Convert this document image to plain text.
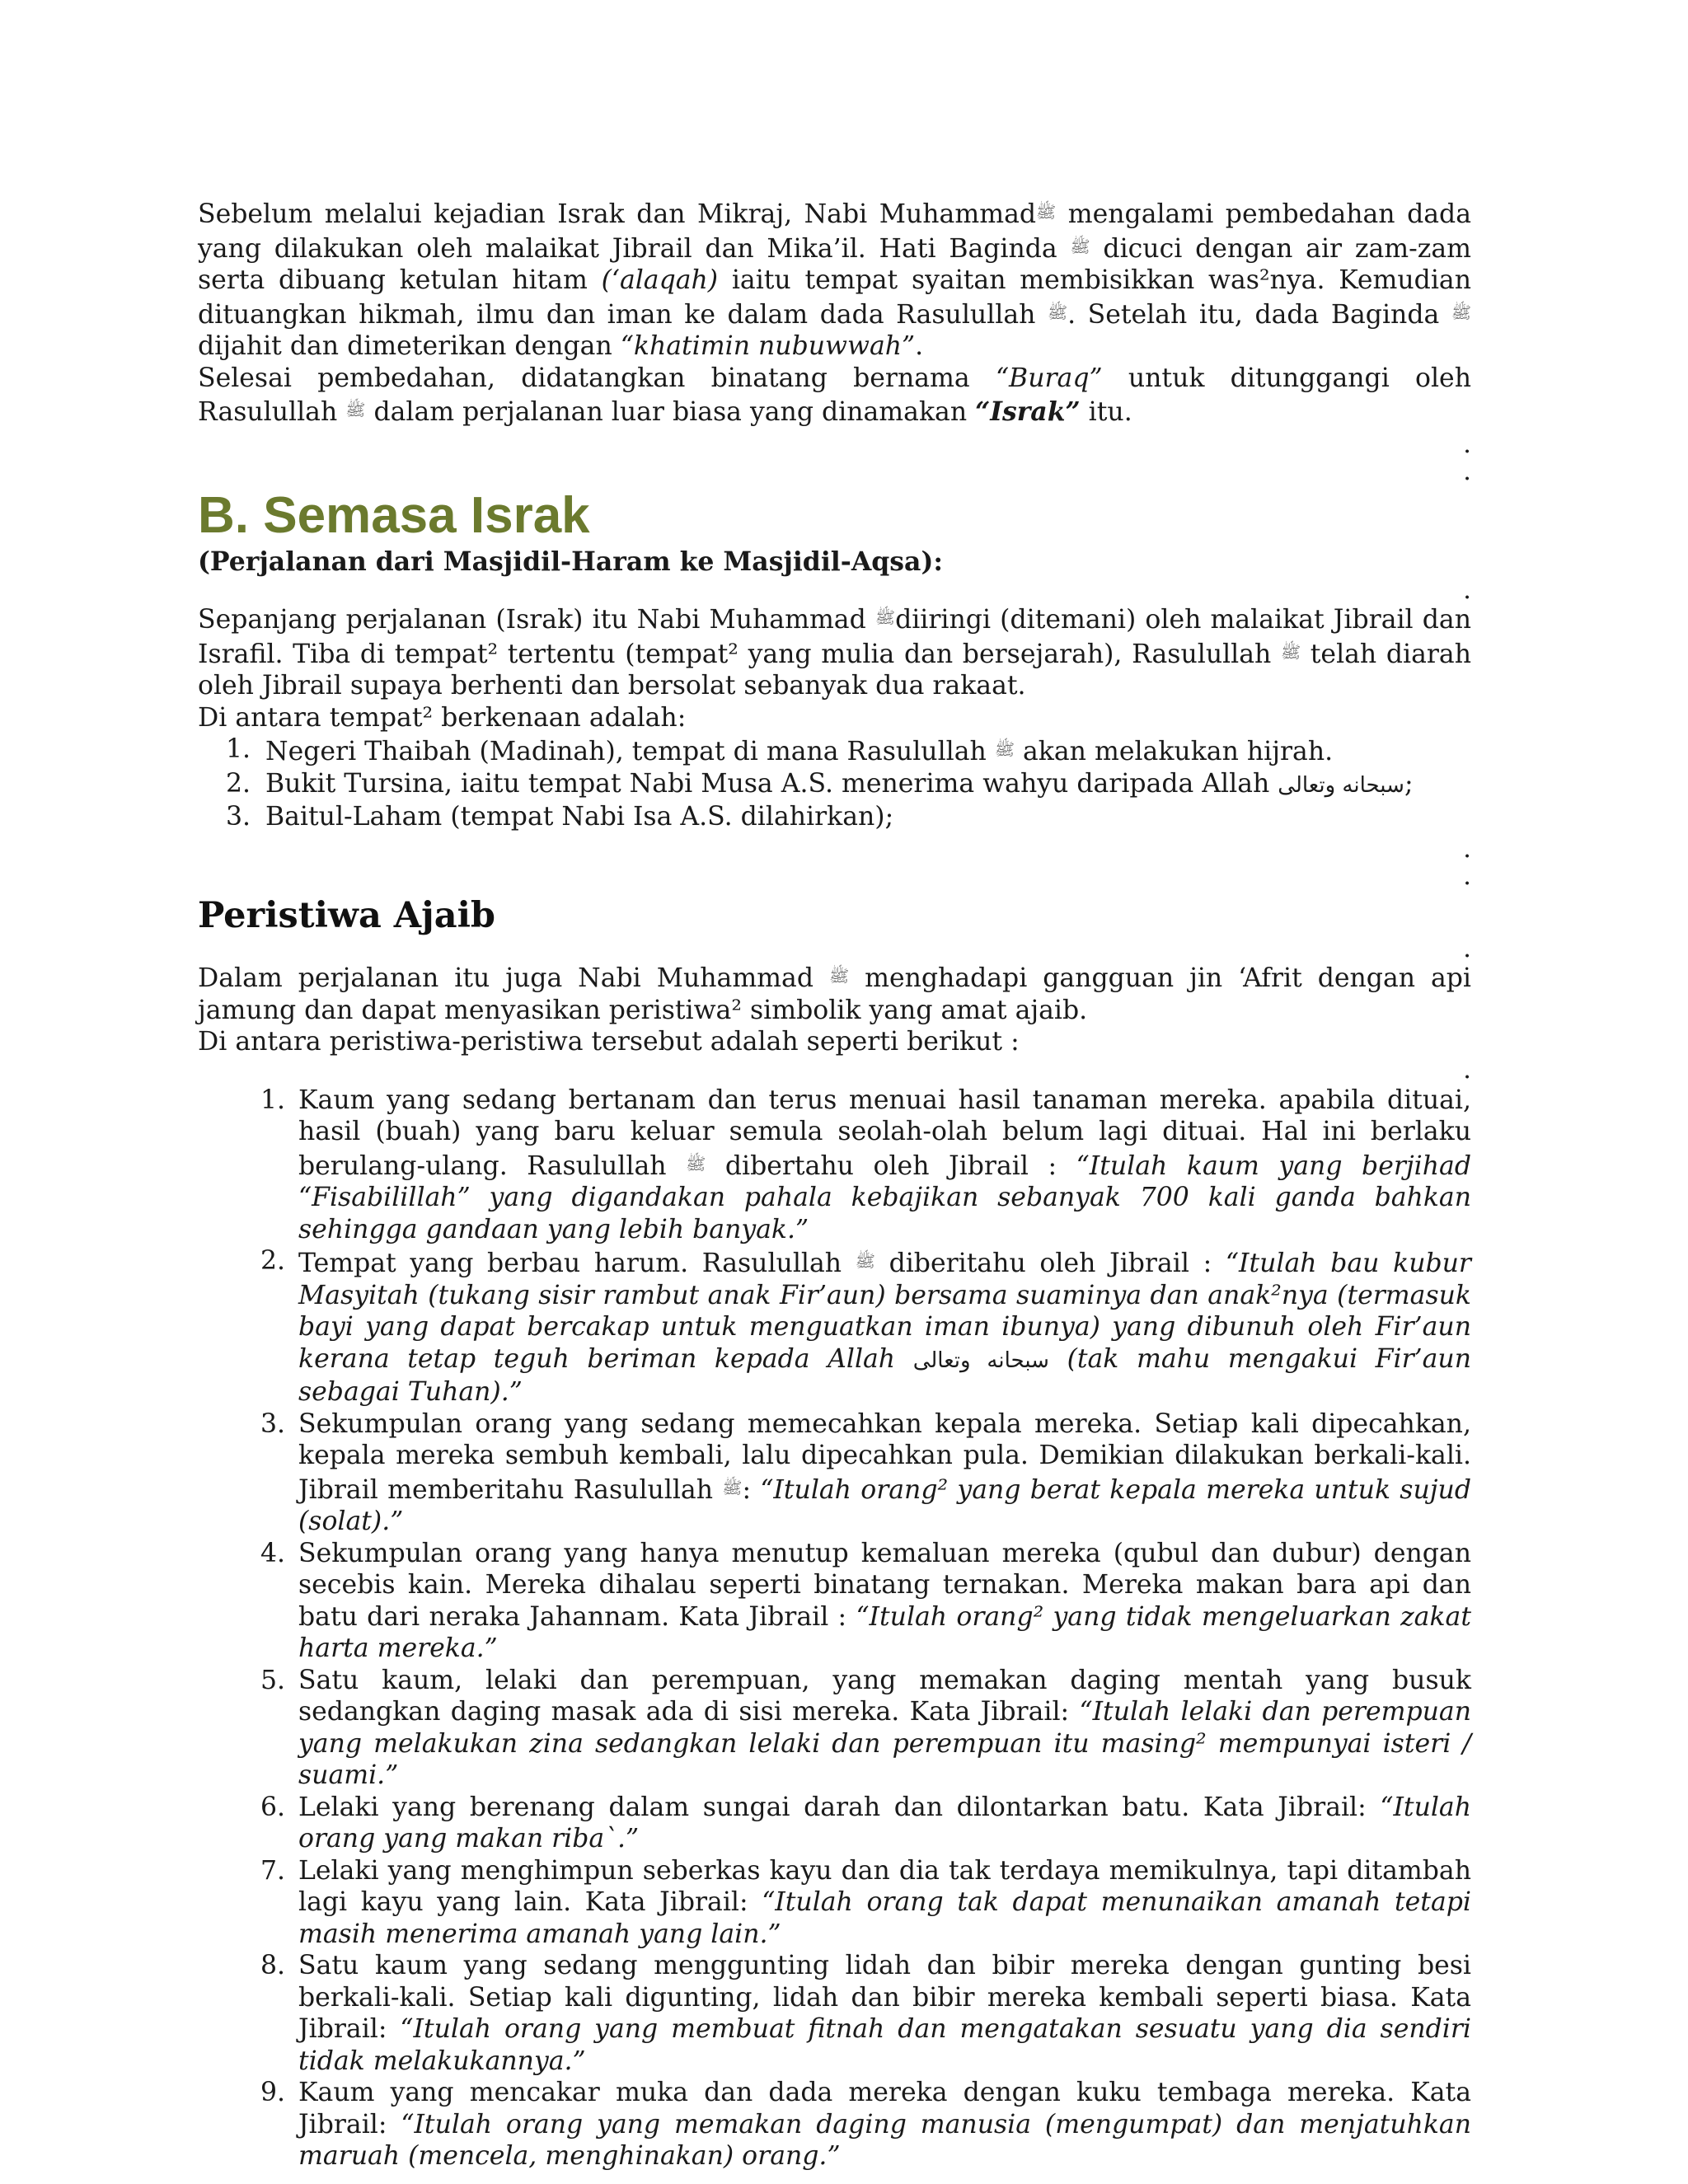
Sebelum melalui kejadian Israk dan Mikraj, Nabi Muhammadﷺ mengalami pembedahan dada yang dilakukan oleh malaikat Jibrail dan Mika’il. Hati Baginda ﷺ dicuci dengan air zam-zam serta dibuang ketulan hitam (‘alaqah) iaitu tempat syaitan membisikkan was²nya. Kemudian dituangkan hikmah, ilmu dan iman ke dalam dada Rasulullah ﷺ. Setelah itu, dada Baginda ﷺ dijahit dan dimeterikan dengan “khatimin nubuwwah”.

Selesai pembedahan, didatangkan binatang bernama “Buraq” untuk ditunggangi oleh Rasulullah ﷺ dalam perjalanan luar biasa yang dinamakan “Israk” itu.

.
.
B. Semasa Israk

(Perjalanan dari Masjidil-Haram ke Masjidil-Aqsa):

.

Sepanjang perjalanan (Israk) itu Nabi Muhammad ﷺdiiringi (ditemani) oleh malaikat Jibrail dan Israfil. Tiba di tempat² tertentu (tempat² yang mulia dan bersejarah), Rasulullah ﷺ telah diarah oleh Jibrail supaya berhenti dan bersolat sebanyak dua rakaat.

Di antara tempat² berkenaan adalah:

1. Negeri Thaibah (Madinah), tempat di mana Rasulullah ﷺ akan melakukan hijrah.
2. Bukit Tursina, iaitu tempat Nabi Musa A.S. menerima wahyu daripada Allah سبحانه وتعالى;
3. Baitul-Laham (tempat Nabi Isa A.S. dilahirkan);
.
.
Peristiwa Ajaib
.

Dalam perjalanan itu juga Nabi Muhammad ﷺ menghadapi gangguan jin ‘Afrit dengan api jamung dan dapat menyasikan peristiwa² simbolik yang amat ajaib.

Di antara peristiwa-peristiwa tersebut adalah seperti berikut :

.
1. Kaum yang sedang bertanam dan terus menuai hasil tanaman mereka. apabila dituai, hasil (buah) yang baru keluar semula seolah-olah belum lagi dituai. Hal ini berlaku berulang-ulang. Rasulullah ﷺ dibertahu oleh Jibrail : “Itulah kaum yang berjihad “Fisabilillah” yang digandakan pahala kebajikan sebanyak 700 kali ganda bahkan sehingga gandaan yang lebih banyak.”
2. Tempat yang berbau harum. Rasulullah ﷺ diberitahu oleh Jibrail : “Itulah bau kubur Masyitah (tukang sisir rambut anak Fir’aun) bersama suaminya dan anak²nya (termasuk bayi yang dapat bercakap untuk menguatkan iman ibunya) yang dibunuh oleh Fir’aun kerana tetap teguh beriman kepada Allah سبحانه وتعالى (tak mahu mengakui Fir’aun sebagai Tuhan).”
3. Sekumpulan orang yang sedang memecahkan kepala mereka. Setiap kali dipecahkan, kepala mereka sembuh kembali, lalu dipecahkan pula. Demikian dilakukan berkali-kali. Jibrail memberitahu Rasulullah ﷺ: “Itulah orang² yang berat kepala mereka untuk sujud (solat).”
4. Sekumpulan orang yang hanya menutup kemaluan mereka (qubul dan dubur) dengan secebis kain. Mereka dihalau seperti binatang ternakan. Mereka makan bara api dan batu dari neraka Jahannam. Kata Jibrail : “Itulah orang² yang tidak mengeluarkan zakat harta mereka.”
5. Satu kaum, lelaki dan perempuan, yang memakan daging mentah yang busuk sedangkan daging masak ada di sisi mereka. Kata Jibrail: “Itulah lelaki dan perempuan yang melakukan zina sedangkan lelaki dan perempuan itu masing² mempunyai isteri / suami.”
6. Lelaki yang berenang dalam sungai darah dan dilontarkan batu. Kata Jibrail: “Itulah orang yang makan riba`.”
7. Lelaki yang menghimpun seberkas kayu dan dia tak terdaya memikulnya, tapi ditambah lagi kayu yang lain. Kata Jibrail: “Itulah orang tak dapat menunaikan amanah tetapi masih menerima amanah yang lain.”
8. Satu kaum yang sedang menggunting lidah dan bibir mereka dengan gunting besi berkali-kali. Setiap kali digunting, lidah dan bibir mereka kembali seperti biasa. Kata Jibrail: “Itulah orang yang membuat fitnah dan mengatakan sesuatu yang dia sendiri tidak melakukannya.”
9. Kaum yang mencakar muka dan dada mereka dengan kuku tembaga mereka. Kata Jibrail: “Itulah orang yang memakan daging manusia (mengumpat) dan menjatuhkan maruah (mencela, menghinakan) orang.”
